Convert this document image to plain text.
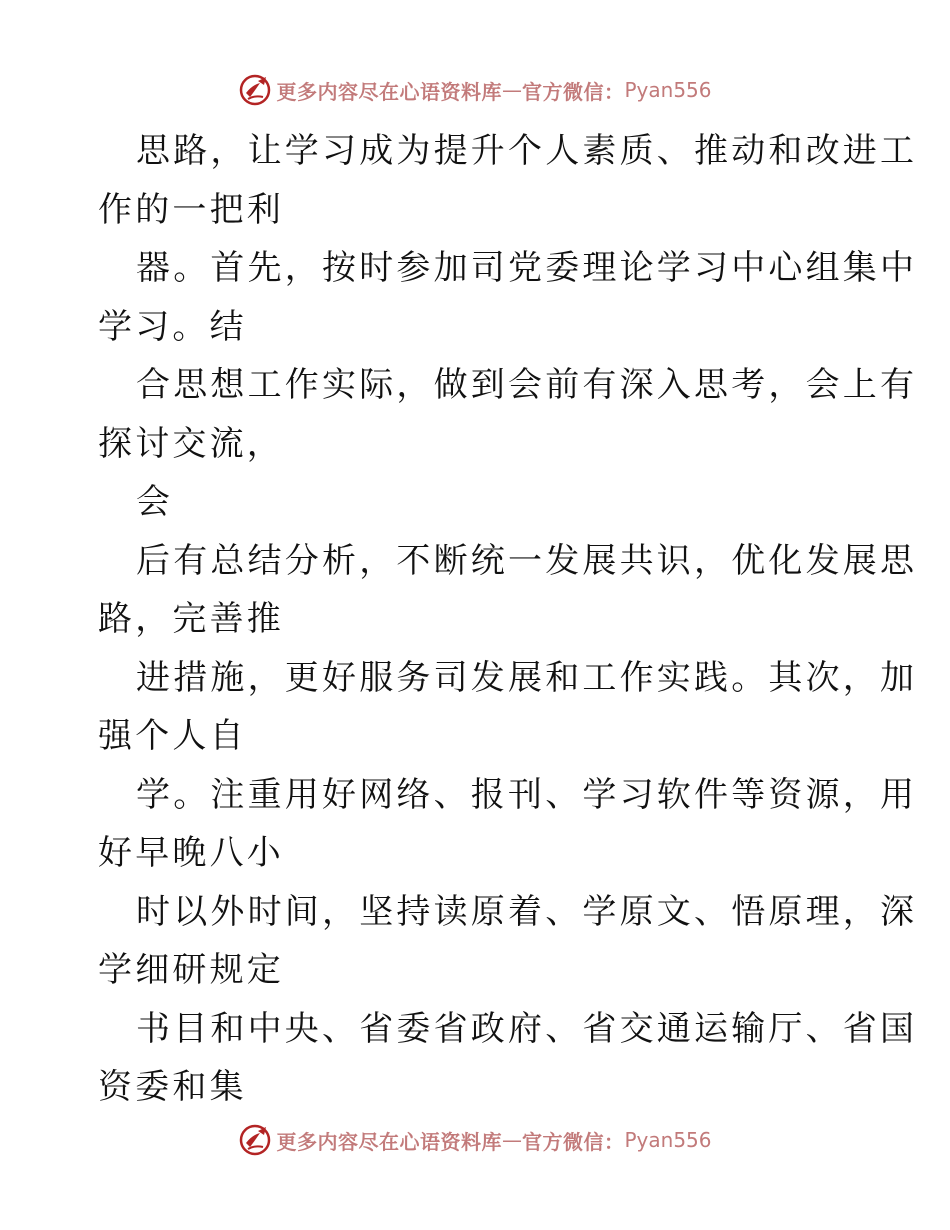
更多内容尽在心语资料库 — 官方微信： Pyan556
思路，让学习成为提升个人素质、推动和改进工
作的一把利
器。首先，按时参加司党委理论学习中心组集中
学习。结
合思想工作实际，做到会前有深入思考，会上有
探讨交流，
会
后有总结分析，不断统一发展共识，优化发展思
路，完善推
进措施，更好服务司发展和工作实践。其次，加
强个人自
学。注重用好网络、报刊、学习软件等资源，用
好早晚八小
时以外时间，坚持读原着、学原文、悟原理，深
学细研规定
书目和中央、省委省政府、省交通运输厅、省国
资委和集
更多内容尽在心语资料库 — 官方微信： Pyan556
